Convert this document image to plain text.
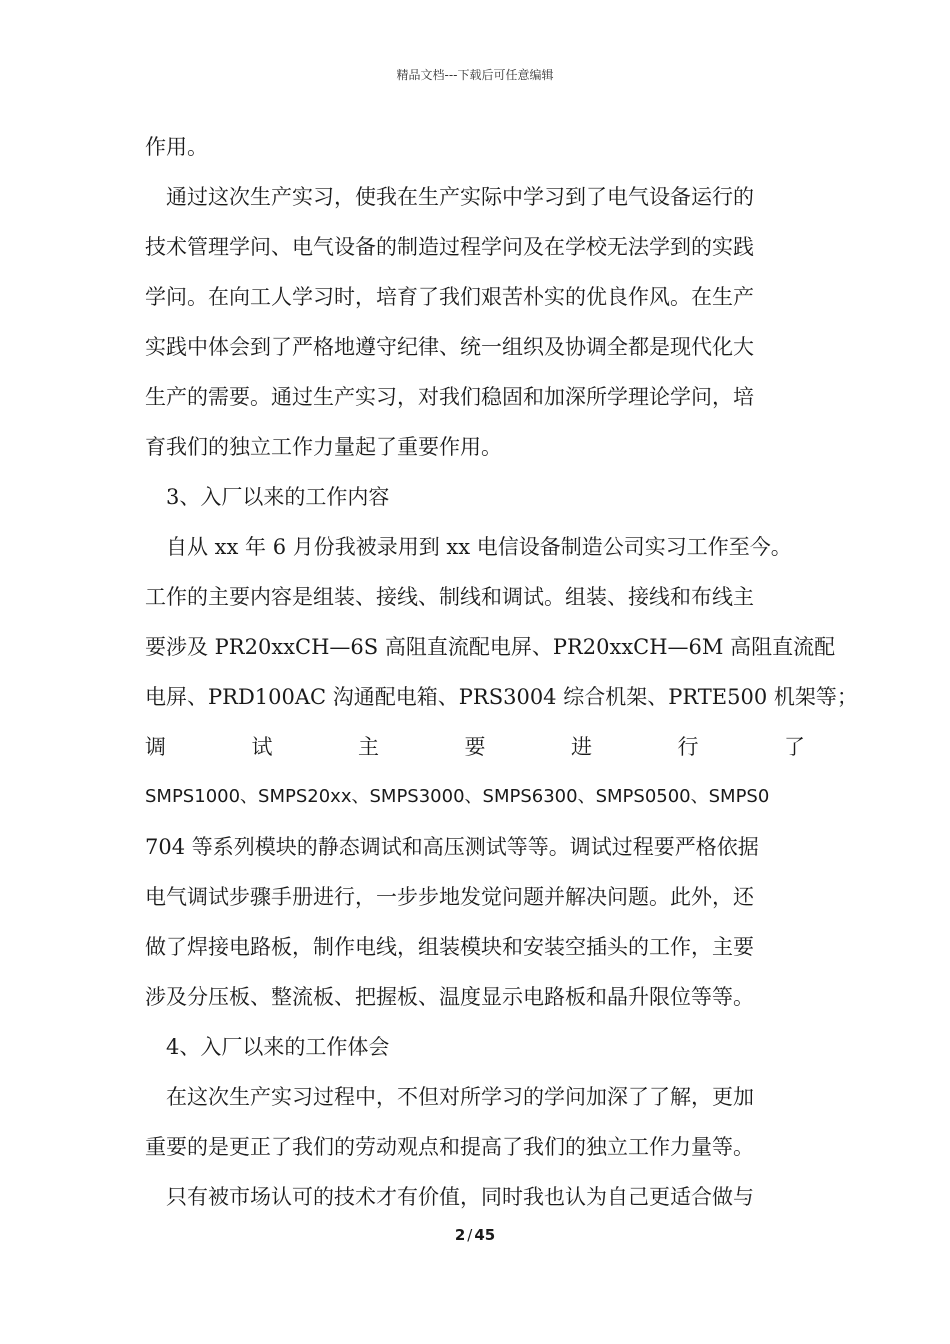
精品文档---下载后可任意编辑
作用。
通过这次生产实习，使我在生产实际中学习到了电气设备运行的
技术管理学问、电气设备的制造过程学问及在学校无法学到的实践
学问。在向工人学习时，培育了我们艰苦朴实的优良作风。在生产
实践中体会到了严格地遵守纪律、统一组织及协调全都是现代化大
生产的需要。通过生产实习，对我们稳固和加深所学理论学问，培
育我们的独立工作力量起了重要作用。
3、入厂以来的工作内容
自从 xx 年 6 月份我被录用到 xx 电信设备制造公司实习工作至今。
工作的主要内容是组装、接线、制线和调试。组装、接线和布线主
要涉及 PR20xxCH—6S 高阻直流配电屏、PR20xxCH—6M 高阻直流配
电屏、PRD100AC 沟通配电箱、PRS3004 综合机架、PRTE500 机架等；
调	试	主	要	进	行	了
SMPS1000、SMPS20xx、SMPS3000、SMPS6300、SMPS0500、SMPS0
704 等系列模块的静态调试和高压测试等等。调试过程要严格依据
电气调试步骤手册进行，一步步地发觉问题并解决问题。此外，还
做了焊接电路板，制作电线，组装模块和安装空插头的工作，主要
涉及分压板、整流板、把握板、温度显示电路板和晶升限位等等。
4、入厂以来的工作体会
在这次生产实习过程中，不但对所学习的学问加深了了解，更加
重要的是更正了我们的劳动观点和提高了我们的独立工作力量等。
只有被市场认可的技术才有价值，同时我也认为自己更适合做与
2 / 45
